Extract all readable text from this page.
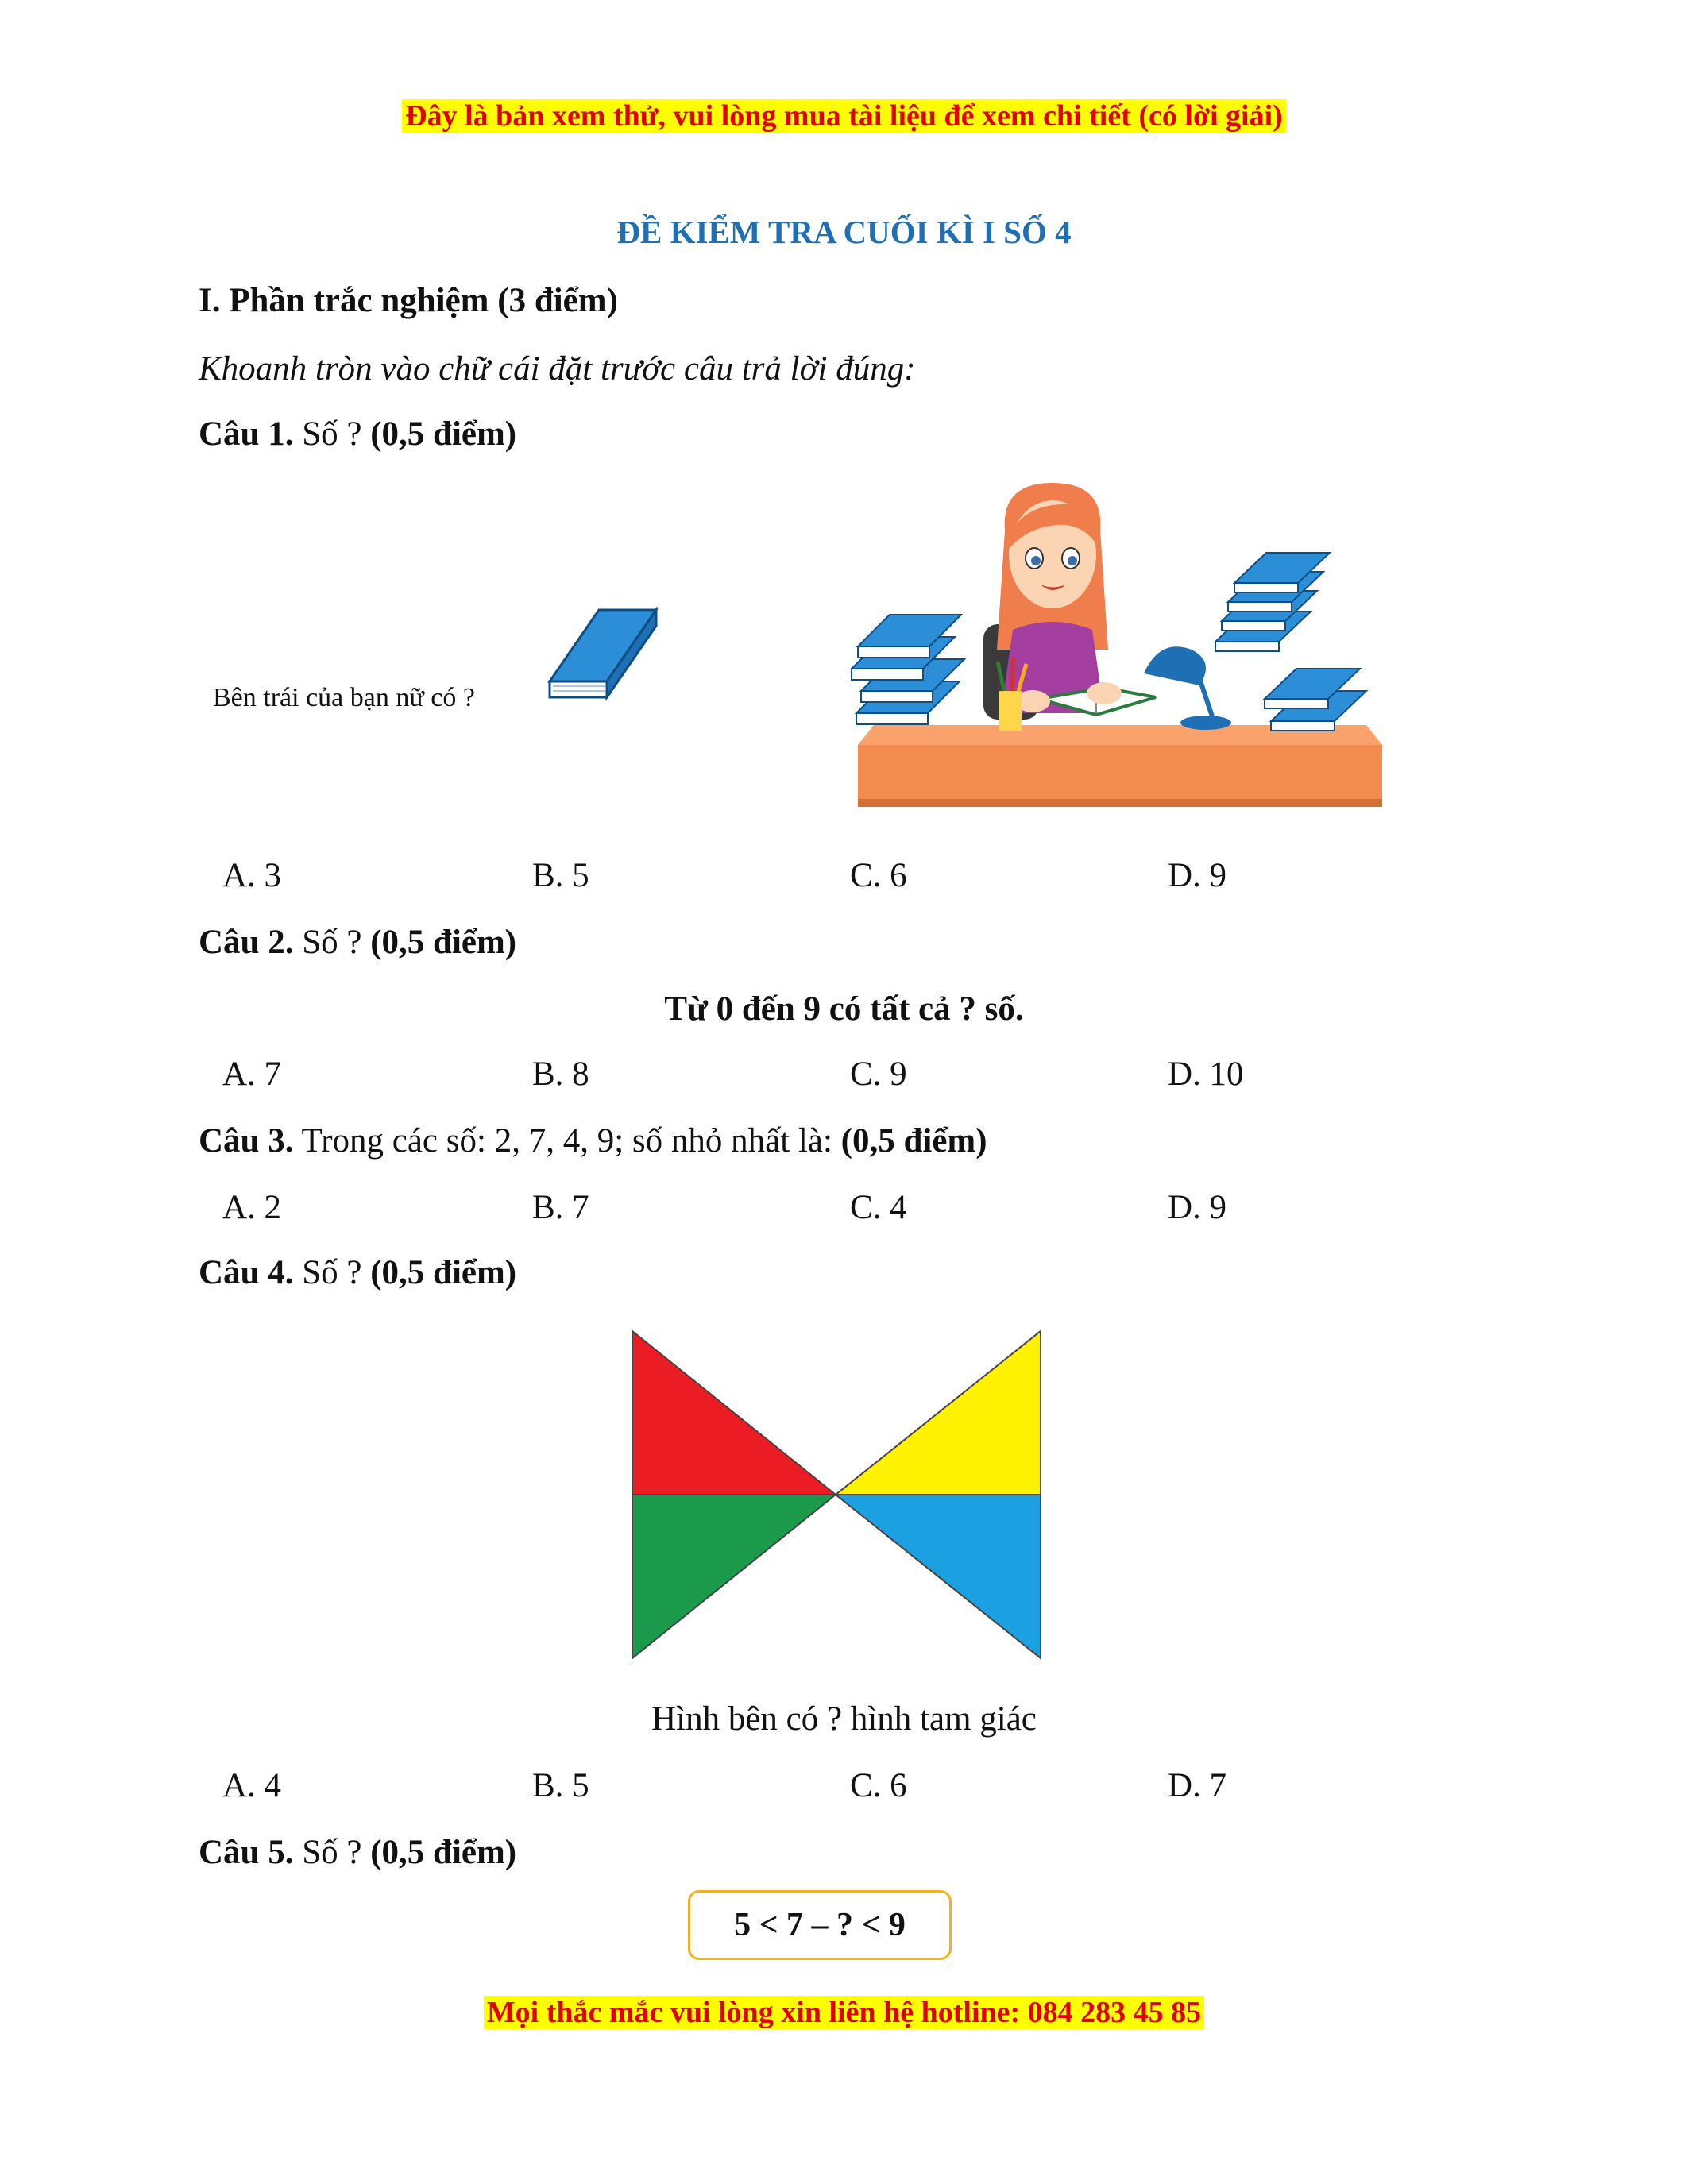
Đây là bản xem thử, vui lòng mua tài liệu để xem chi tiết (có lời giải)
ĐỀ KIỂM TRA CUỐI KÌ I SỐ 4
I. Phần trắc nghiệm (3 điểm)
Khoanh tròn vào chữ cái đặt trước câu trả lời đúng:
Câu 1. Số ? (0,5 điểm)
Bên trái của bạn nữ có ?
A. 3	B. 5	C. 6	D. 9
Câu 2. Số ? (0,5 điểm)
Từ 0 đến 9 có tất cả ? số.
A. 7	B. 8	C. 9	D. 10
Câu 3. Trong các số: 2, 7, 4, 9; số nhỏ nhất là: (0,5 điểm)
A. 2	B. 7	C. 4	D. 9
Câu 4. Số ? (0,5 điểm)
Hình bên có ? hình tam giác
A. 4	B. 5	C. 6	D. 7
Câu 5. Số ? (0,5 điểm)
5 < 7 – ? < 9
Mọi thắc mắc vui lòng xin liên hệ hotline: 084 283 45 85
